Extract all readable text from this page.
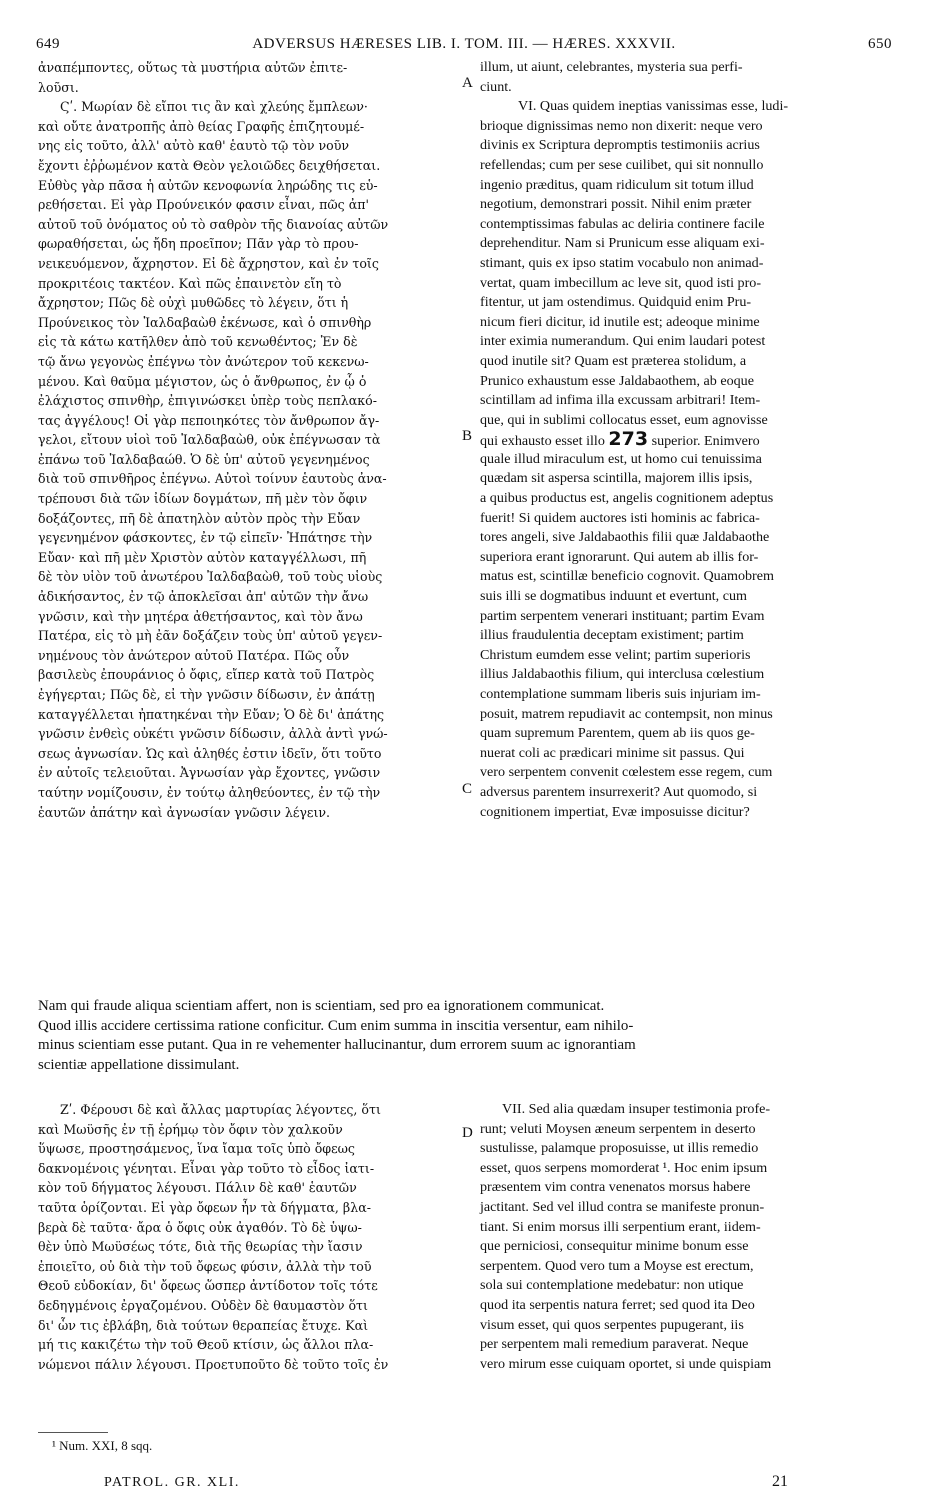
649	ADVERSUS HÆRESES LIB. I. TOM. III. — HÆRES. XXXVII.	650
ἀναπέμποντες, οὕτως τὰ μυστήρια αὐτῶν ἐπιτε-
λοῦσι.
Ϛʹ. Μωρίαν δὲ εἴποι τις ἂν καὶ χλεύης ἔμπλεων·
καὶ οὔτε ἀνατροπῆς ἀπὸ θείας Γραφῆς ἐπιζητουμέ-
νης εἰς τοῦτο, ἀλλ' αὐτὸ καθ' ἑαυτὸ τῷ τὸν νοῦν
ἔχοντι ἐῤῥωμένον κατὰ Θεὸν γελοιῶδες δειχθήσεται.
Εὐθὺς γὰρ πᾶσα ἡ αὐτῶν κενοφωνία ληρώδης τις εὑ-
ρεθήσεται. Εἰ γὰρ Προύνεικόν φασιν εἶναι, πῶς ἀπ'
αὐτοῦ τοῦ ὀνόματος οὐ τὸ σαθρὸν τῆς διανοίας αὐτῶν
φωραθήσεται, ὡς ἤδη προεῖπον; Πᾶν γὰρ τὸ πρου-
νεικευόμενον, ἄχρηστον. Εἰ δὲ ἄχρηστον, καὶ ἐν τοῖς
προκριτέοις τακτέον. Καὶ πῶς ἐπαινετὸν εἴη τὸ
ἄχρηστον; Πῶς δὲ οὐχὶ μυθῶδες τὸ λέγειν, ὅτι ἡ
Προύνεικος τὸν Ἰαλδαβαὼθ ἐκένωσε, καὶ ὁ σπινθὴρ
εἰς τὰ κάτω κατῆλθεν ἀπὸ τοῦ κενωθέντος; Ἐν δὲ
τῷ ἄνω γεγονὼς ἐπέγνω τὸν ἀνώτερον τοῦ κεκενω-
μένου. Καὶ θαῦμα μέγιστον, ὡς ὁ ἄνθρωπος, ἐν ᾧ ὁ
ἐλάχιστος σπινθὴρ, ἐπιγινώσκει ὑπὲρ τοὺς πεπλακό-
τας ἀγγέλους! Οἱ γὰρ πεποιηκότες τὸν ἄνθρωπον ἄγ-
γελοι, εἴτουν υἱοὶ τοῦ Ἰαλδαβαὼθ, οὐκ ἐπέγνωσαν τὰ
ἐπάνω τοῦ Ἰαλδαβαώθ. Ὁ δὲ ὑπ' αὐτοῦ γεγενημένος
διὰ τοῦ σπινθῆρος ἐπέγνω. Αὐτοὶ τοίνυν ἑαυτοὺς ἀνα-
τρέπουσι διὰ τῶν ἰδίων δογμάτων, πῆ μὲν τὸν ὄφιν
δοξάζοντες, πῆ δὲ ἀπατηλὸν αὐτὸν πρὸς τὴν Εὔαν
γεγενημένον φάσκοντες, ἐν τῷ εἰπεῖν· Ἠπάτησε τὴν
Εὔαν· καὶ πῆ μὲν Χριστὸν αὐτὸν καταγγέλλωσι, πῆ
δὲ τὸν υἱὸν τοῦ ἀνωτέρου Ἰαλδαβαὼθ, τοῦ τοὺς υἱοὺς
ἀδικήσαντος, ἐν τῷ ἀποκλεῖσαι ἀπ' αὐτῶν τὴν ἄνω
γνῶσιν, καὶ τὴν μητέρα ἀθετήσαντος, καὶ τὸν ἄνω
Πατέρα, εἰς τὸ μὴ ἐᾶν δοξάζειν τοὺς ὑπ' αὐτοῦ γεγεν-
νημένους τὸν ἀνώτερον αὐτοῦ Πατέρα. Πῶς οὖν
βασιλεὺς ἐπουράνιος ὁ ὄφις, εἴπερ κατὰ τοῦ Πατρὸς
ἐγήγερται; Πῶς δὲ, εἰ τὴν γνῶσιν δίδωσιν, ἐν ἀπάτῃ
καταγγέλλεται ἠπατηκέναι τὴν Εὔαν; Ὁ δὲ δι' ἀπάτης
γνῶσιν ἐνθεὶς οὐκέτι γνῶσιν δίδωσιν, ἀλλὰ ἀντὶ γνώ-
σεως ἀγνωσίαν. Ὡς καὶ ἀληθές ἐστιν ἰδεῖν, ὅτι τοῦτο
ἐν αὐτοῖς τελειοῦται. Ἀγνωσίαν γὰρ ἔχοντες, γνῶσιν
ταύτην νομίζουσιν, ἐν τούτῳ ἀληθεύοντες, ἐν τῷ τὴν
ἑαυτῶν ἀπάτην καὶ ἀγνωσίαν γνῶσιν λέγειν.
illum, ut aiunt, celebrantes, mysteria sua perfi-
ciunt.
VI. Quas quidem ineptias vanissimas esse, ludi-
brioque dignissimas nemo non dixerit: neque vero
divinis ex Scriptura depromptis testimoniis acrius
refellendas; cum per sese cuilibet, qui sit nonnullo
ingenio præditus, quam ridiculum sit totum illud
negotium, demonstrari possit. Nihil enim præter
contemptissimas fabulas ac deliria continere facile
deprehenditur. Nam si Prunicum esse aliquam exi-
stimant, quis ex ipso statim vocabulo non animad-
vertat, quam imbecillum ac leve sit, quod isti pro-
fitentur, ut jam ostendimus. Quidquid enim Pru-
nicum fieri dicitur, id inutile est; adeoque minime
inter eximia numerandum. Qui enim laudari potest
quod inutile sit? Quam est præterea stolidum, a
Prunico exhaustum esse Jaldabaothem, ab eoque
scintillam ad infima illa excussam arbitrari! Item-
que, qui in sublimi collocatus esset, eum agnovisse
qui exhausto esset illo 273 superior. Enimvero
quale illud miraculum est, ut homo cui tenuissima
quædam sit aspersa scintilla, majorem illis ipsis,
a quibus productus est, angelis cognitionem adeptus
fuerit! Si quidem auctores isti hominis ac fabrica-
tores angeli, sive Jaldabaothis filii quæ Jaldabaothe
superiora erant ignorarunt. Qui autem ab illis for-
matus est, scintillæ beneficio cognovit. Quamobrem
suis illi se dogmatibus induunt et evertunt, cum
partim serpentem venerari instituant; partim Evam
illius fraudulentia deceptam existiment; partim
Christum eumdem esse velint; partim superioris
illius Jaldabaothis filium, qui interclusa cœlestium
contemplatione summam liberis suis injuriam im-
posuit, matrem repudiavit ac contempsit, non minus
quam supremum Parentem, quem ab iis quos ge-
nuerat coli ac prædicari minime sit passus. Qui
vero serpentem convenit cœlestem esse regem, cum
adversus parentem insurrexerit? Aut quomodo, si
cognitionem impertiat, Evæ imposuisse dicitur?
A
B
C
D
Nam qui fraude aliqua scientiam affert, non is scientiam, sed pro ea ignorationem communicat.
Quod illis accidere certissima ratione conficitur. Cum enim summa in inscitia versentur, eam nihilo-
minus scientiam esse putant. Qua in re vehementer hallucinantur, dum errorem suum ac ignorantiam
scientiæ appellatione dissimulant.
Ζʹ. Φέρουσι δὲ καὶ ἄλλας μαρτυρίας λέγοντες, ὅτι
καὶ Μωϋσῆς ἐν τῇ ἐρήμῳ τὸν ὄφιν τὸν χαλκοῦν
ὕψωσε, προστησάμενος, ἵνα ἴαμα τοῖς ὑπὸ ὄφεως
δακνομένοις γένηται. Εἶναι γὰρ τοῦτο τὸ εἶδος ἰατι-
κὸν τοῦ δήγματος λέγουσι. Πάλιν δὲ καθ' ἑαυτῶν
ταῦτα ὁρίζονται. Εἰ γὰρ ὄφεων ἦν τὰ δήγματα, βλα-
βερὰ δὲ ταῦτα· ἄρα ὁ ὄφις οὐκ ἀγαθόν. Τὸ δὲ ὑψω-
θὲν ὑπὸ Μωϋσέως τότε, διὰ τῆς θεωρίας τὴν ἴασιν
ἐποιεῖτο, οὐ διὰ τὴν τοῦ ὄφεως φύσιν, ἀλλὰ τὴν τοῦ
Θεοῦ εὐδοκίαν, δι' ὄφεως ὥσπερ ἀντίδοτον τοῖς τότε
δεδηγμένοις ἐργαζομένου. Οὐδὲν δὲ θαυμαστὸν ὅτι
δι' ὧν τις ἐβλάβη, διὰ τούτων θεραπείας ἔτυχε. Καὶ
μή τις κακιζέτω τὴν τοῦ Θεοῦ κτίσιν, ὡς ἄλλοι πλα-
νώμενοι πάλιν λέγουσι. Προετυποῦτο δὲ τοῦτο τοῖς ἐν
VII. Sed alia quædam insuper testimonia profe-
runt; veluti Moysen æneum serpentem in deserto
sustulisse, palamque proposuisse, ut illis remedio
esset, quos serpens momorderat ¹. Hoc enim ipsum
præsentem vim contra venenatos morsus habere
jactitant. Sed vel illud contra se manifeste pronun-
tiant. Si enim morsus illi serpentium erant, iidem-
que perniciosi, consequitur minime bonum esse
serpentem. Quod vero tum a Moyse est erectum,
sola sui contemplatione medebatur: non utique
quod ita serpentis natura ferret; sed quod ita Deo
visum esset, qui quos serpentes pupugerant, iis
per serpentem mali remedium paraverat. Neque
vero mirum esse cuiquam oportet, si unde quispiam
¹ Num. XXI, 8 sqq.
PATROL. GR. XLI.	21
